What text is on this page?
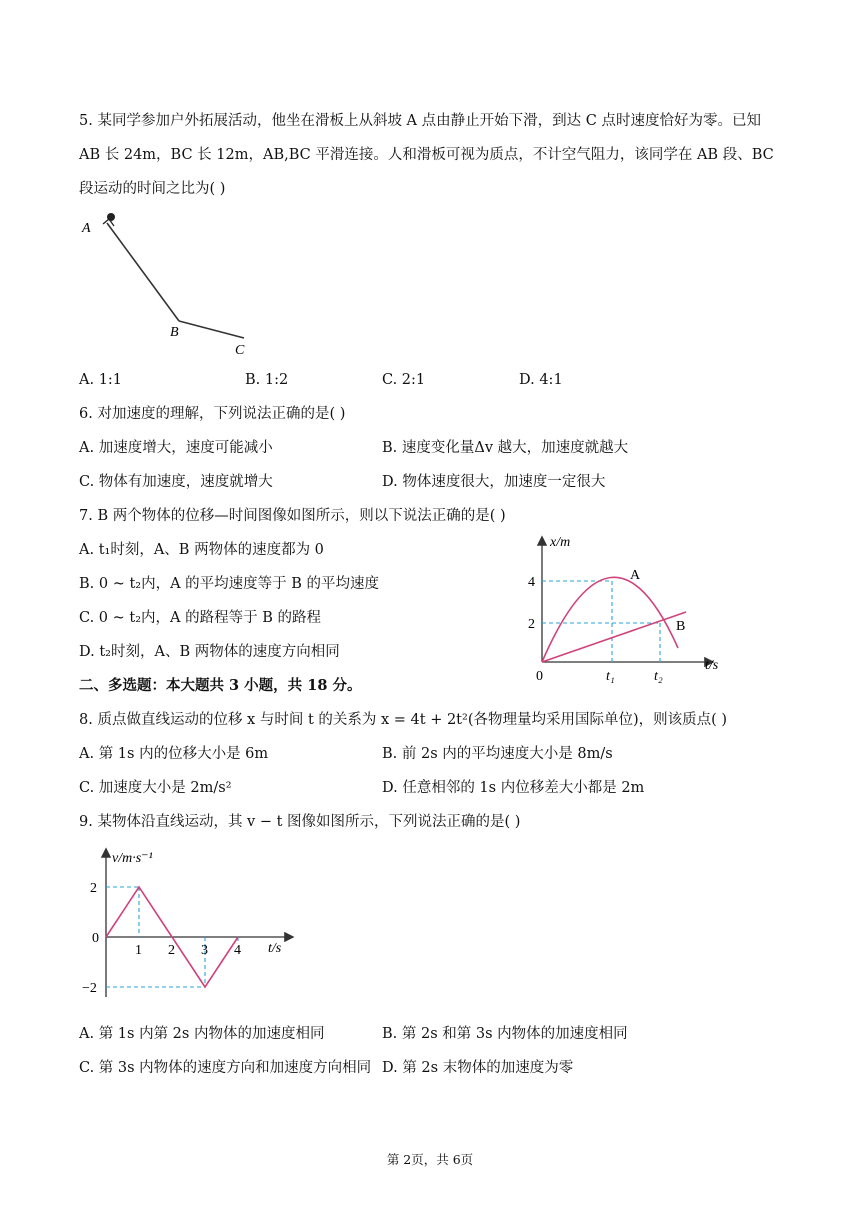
5. 某同学参加户外拓展活动，他坐在滑板上从斜坡 A 点由静止开始下滑，到达 C 点时速度恰好为零。已知
AB 长 24m，BC 长 12m，AB,BC 平滑连接。人和滑板可视为质点，不计空气阻力，该同学在 AB 段、BC
段运动的时间之比为( )
A
B
C
A. 1:1	B. 1:2	C. 2:1	D. 4:1
6. 对加速度的理解，下列说法正确的是( )
A. 加速度增大，速度可能减小	B. 速度变化量Δv 越大，加速度就越大
C. 物体有加速度，速度就增大	D. 物体速度很大，加速度一定很大
7. B 两个物体的位移—时间图像如图所示，则以下说法正确的是( )
A. t₁时刻，A、B 两物体的速度都为 0
B. 0 ~ t₂内，A 的平均速度等于 B 的平均速度
C. 0 ~ t₂内，A 的路程等于 B 的路程
D. t₂时刻，A、B 两物体的速度方向相同
x/m
t/s
0
4
2
t₁	t₂
A
B
二、多选题：本大题共 3 小题，共 18 分。
8. 质点做直线运动的位移 x 与时间 t 的关系为 x = 4t + 2t²(各物理量均采用国际单位)，则该质点( )
A. 第 1s 内的位移大小是 6m	B. 前 2s 内的平均速度大小是 8m/s
C. 加速度大小是 2m/s²	D. 任意相邻的 1s 内位移差大小都是 2m
9. 某物体沿直线运动，其 v − t 图像如图所示，下列说法正确的是( )
v/m·s⁻¹
t/s
2
0
−2
1 2 3 4
A. 第 1s 内第 2s 内物体的加速度相同	B. 第 2s 和第 3s 内物体的加速度相同
C. 第 3s 内物体的速度方向和加速度方向相同 D. 第 2s 末物体的加速度为零
第 2页，共 6页
